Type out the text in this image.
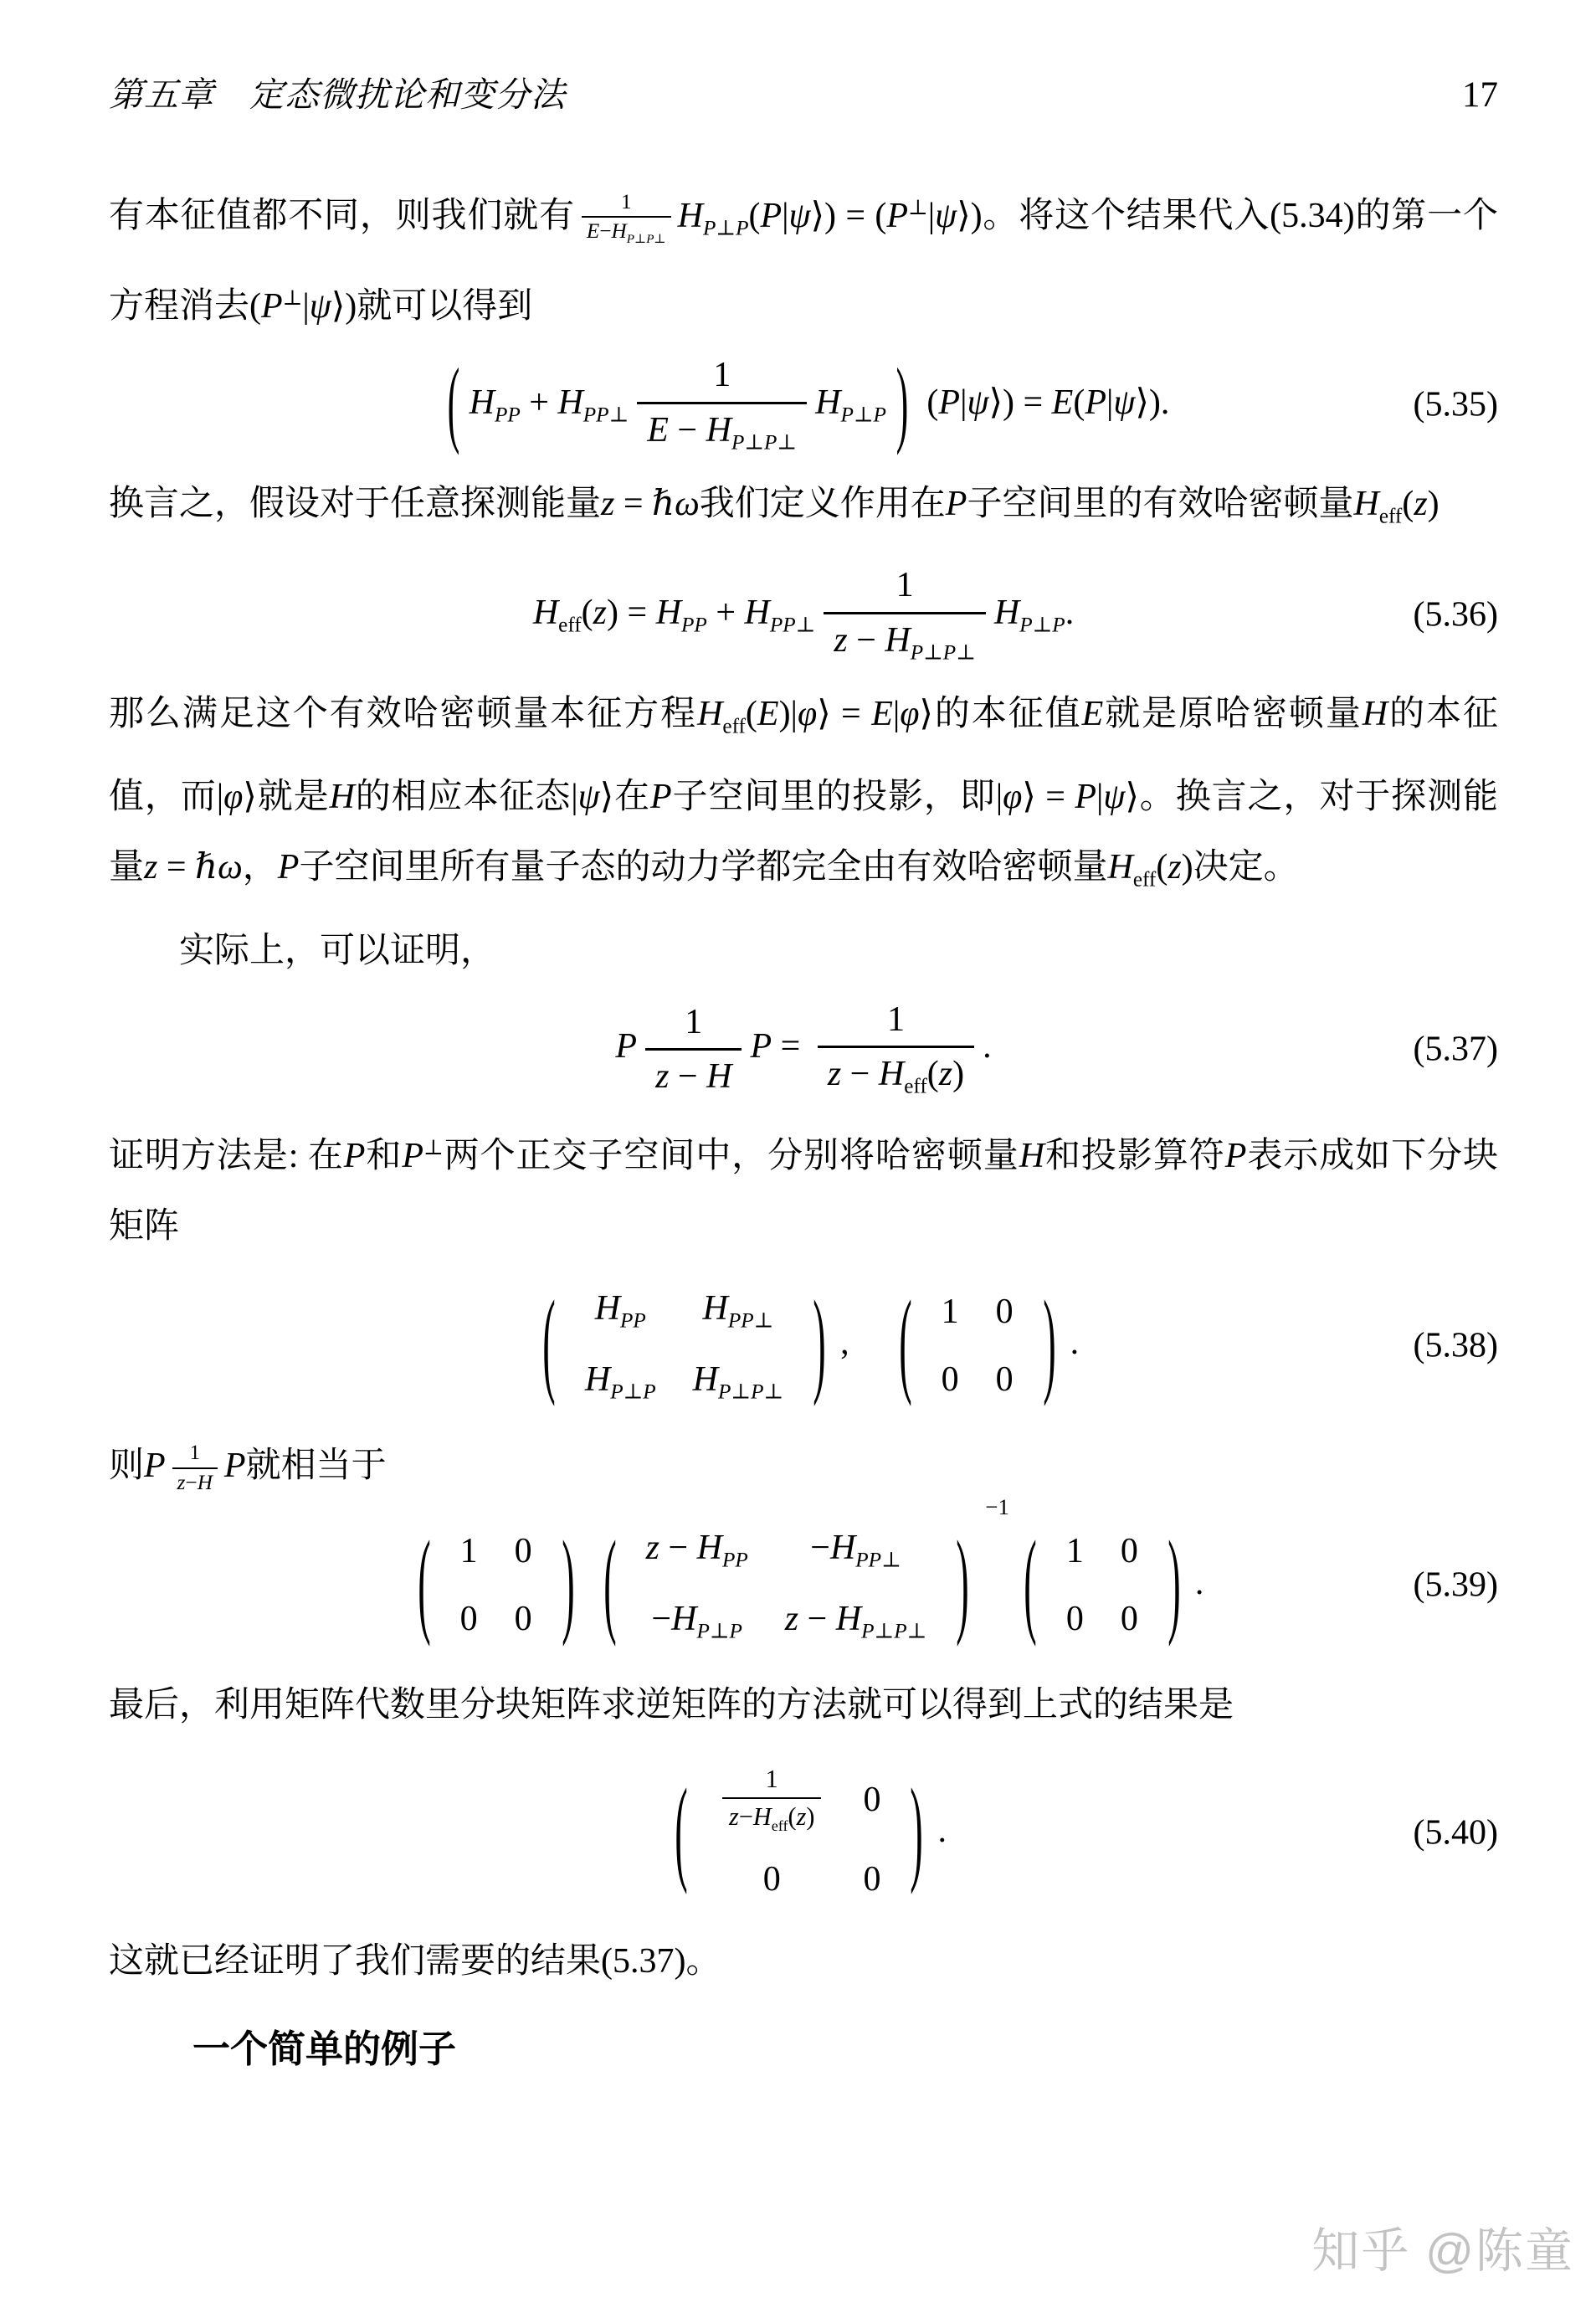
第五章　定态微扰论和变分法	17

有本征值都不同，则我们就有 $\frac{1}{E-H_{P\perp P\perp}}$ $H_{P\perp P}(P|\psi⟩)$ = (P⊥|ψ⟩)。将这个结果代入(5.34)的第一个方程消去(P⊥|ψ⟩)就可以得到

( $H_{PP} + H_{PP\perp} \frac{1}{E - H_{P\perp P\perp}} H_{P\perp P}$ ) (P|ψ⟩) = E(P|ψ⟩).	(5.35)

换言之，假设对于任意探测能量z = ℏω我们定义作用在P子空间里的有效哈密顿量$H_{eff}(z)$

$H_{eff}(z) = H_{PP} + H_{PP\perp} \frac{1}{z - H_{P\perp P\perp}} H_{P\perp P}$.	(5.36)

那么满足这个有效哈密顿量本征方程$H_{eff}(E)|\varphi⟩$ = E|φ⟩的本征值E就是原哈密顿量H的本征值，而|φ⟩就是H的相应本征态|ψ⟩在P子空间里的投影，即|φ⟩ = P|ψ⟩。换言之，对于探测能量z = ℏω，P子空间里所有量子态的动力学都完全由有效哈密顿量$H_{eff}(z)$决定。

实际上，可以证明，

P $\frac{1}{z - H}$ $P = \frac{1}{z - H_{eff}(z)}$ .	(5.37)

证明方法是: 在P和P⊥两个正交子空间中，分别将哈密顿量H和投影算符P表示成如下分块矩阵

( $H_{PP}$	$H_{PP\perp}$
$H_{P\perp P}$	$H_{P\perp P\perp}$ ) ,  ( 1	0
0	0 ) .	(5.38)

则P $\frac{1}{z-H}$ P就相当于

( 1	0
0	0 ) ( $z - H_{PP}$	$-H_{PP\perp}$
$-H_{P\perp P}$	$z - H_{P\perp P\perp}$ )
$^{-1}$
( 1	0
0	0 ) .	(5.39)

最后，利用矩阵代数里分块矩阵求逆矩阵的方法就可以得到上式的结果是

( $\frac{1}{z-H_{eff}(z)}$	0
0	0 ) .	(5.40)

这就已经证明了我们需要的结果(5.37)。

一个简单的例子

知乎 @陈童
